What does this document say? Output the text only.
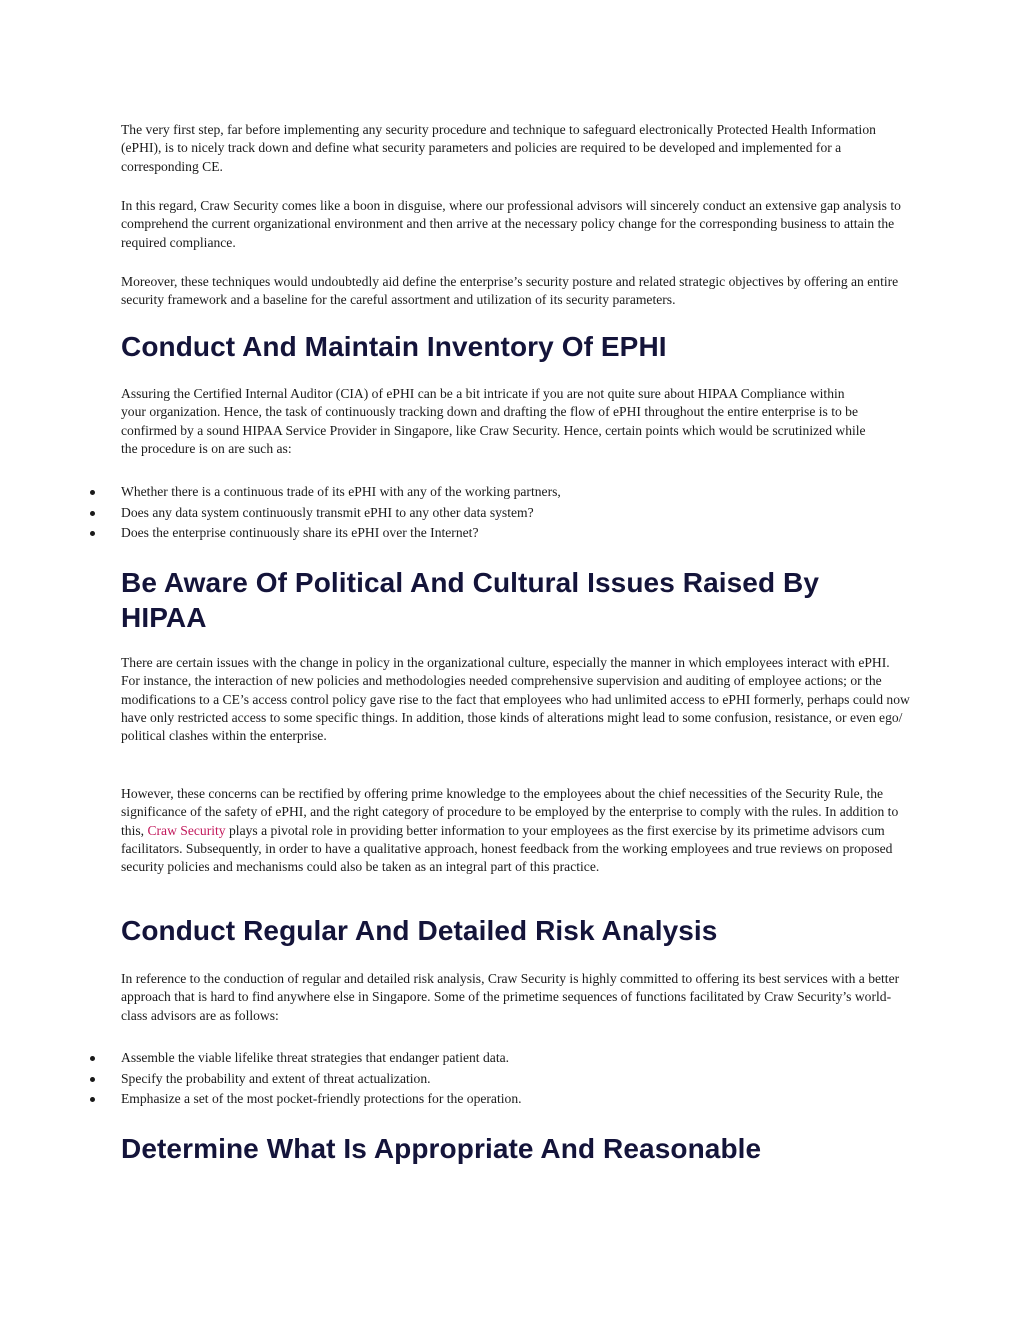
The very first step, far before implementing any security procedure and technique to safeguard electronically Protected Health Information (ePHI), is to nicely track down and define what security parameters and policies are required to be developed and implemented for a corresponding CE.

In this regard, Craw Security comes like a boon in disguise, where our professional advisors will sincerely conduct an extensive gap analysis to comprehend the current organizational environment and then arrive at the necessary policy change for the corresponding business to attain the required compliance.

Moreover, these techniques would undoubtedly aid define the enterprise’s security posture and related strategic objectives by offering an entire security framework and a baseline for the careful assortment and utilization of its security parameters.

Conduct And Maintain Inventory Of EPHI

Assuring the Certified Internal Auditor (CIA) of ePHI can be a bit intricate if you are not quite sure about HIPAA Compliance within your organization. Hence, the task of continuously tracking down and drafting the flow of ePHI throughout the entire enterprise is to be confirmed by a sound HIPAA Service Provider in Singapore, like Craw Security. Hence, certain points which would be scrutinized while the procedure is on are such as:

Whether there is a continuous trade of its ePHI with any of the working partners,
Does any data system continuously transmit ePHI to any other data system?
Does the enterprise continuously share its ePHI over the Internet?
Be Aware Of Political And Cultural Issues Raised By HIPAA

There are certain issues with the change in policy in the organizational culture, especially the manner in which employees interact with ePHI. For instance, the interaction of new policies and methodologies needed comprehensive supervision and auditing of employee actions; or the modifications to a CE’s access control policy gave rise to the fact that employees who had unlimited access to ePHI formerly, perhaps could now have only restricted access to some specific things. In addition, those kinds of alterations might lead to some confusion, resistance, or even ego/ political clashes within the enterprise.

However, these concerns can be rectified by offering prime knowledge to the employees about the chief necessities of the Security Rule, the significance of the safety of ePHI, and the right category of procedure to be employed by the enterprise to comply with the rules. In addition to this, Craw Security plays a pivotal role in providing better information to your employees as the first exercise by its primetime advisors cum facilitators. Subsequently, in order to have a qualitative approach, honest feedback from the working employees and true reviews on proposed security policies and mechanisms could also be taken as an integral part of this practice.

Conduct Regular And Detailed Risk Analysis

In reference to the conduction of regular and detailed risk analysis, Craw Security is highly committed to offering its best services with a better approach that is hard to find anywhere else in Singapore. Some of the primetime sequences of functions facilitated by Craw Security’s world-class advisors are as follows:

Assemble the viable lifelike threat strategies that endanger patient data.
Specify the probability and extent of threat actualization.
Emphasize a set of the most pocket-friendly protections for the operation.
Determine What Is Appropriate And Reasonable
